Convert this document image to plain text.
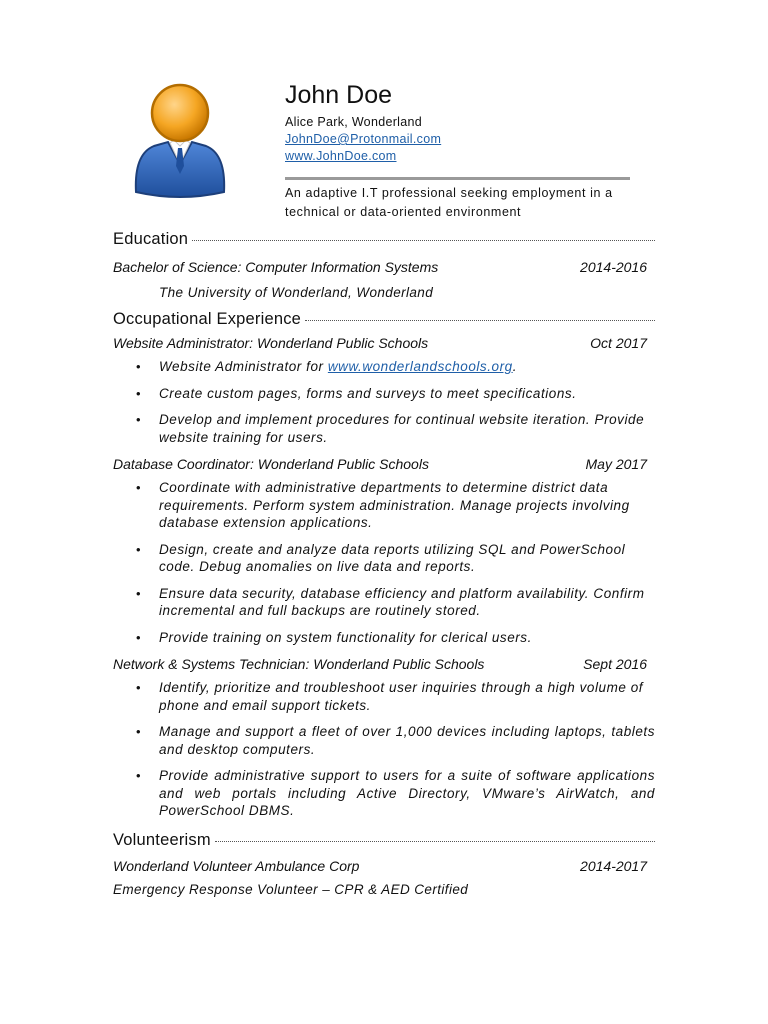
John Doe
Alice Park, Wonderland
JohnDoe@Protonmail.com
www.JohnDoe.com
An adaptive I.T professional seeking employment in a
technical or data-oriented environment
Education
Bachelor of Science: Computer Information Systems	2014-2016
The University of Wonderland, Wonderland
Occupational Experience
Website Administrator: Wonderland Public Schools	Oct 2017
• Website Administrator for www.wonderlandschools.org.
• Create custom pages, forms and surveys to meet specifications.
• Develop and implement procedures for continual website iteration. Provide website training for users.
Database Coordinator: Wonderland Public Schools	May 2017
• Coordinate with administrative departments to determine district data requirements. Perform system administration. Manage projects involving database extension applications.
• Design, create and analyze data reports utilizing SQL and PowerSchool code. Debug anomalies on live data and reports.
• Ensure data security, database efficiency and platform availability. Confirm incremental and full backups are routinely stored.
• Provide training on system functionality for clerical users.
Network & Systems Technician: Wonderland Public Schools	Sept 2016
• Identify, prioritize and troubleshoot user inquiries through a high volume of phone and email support tickets.
• Manage and support a fleet of over 1,000 devices including laptops, tablets and desktop computers.
• Provide administrative support to users for a suite of software applications and web portals including Active Directory, VMware’s AirWatch, and PowerSchool DBMS.
Volunteerism
Wonderland Volunteer Ambulance Corp	2014-2017
Emergency Response Volunteer – CPR & AED Certified
